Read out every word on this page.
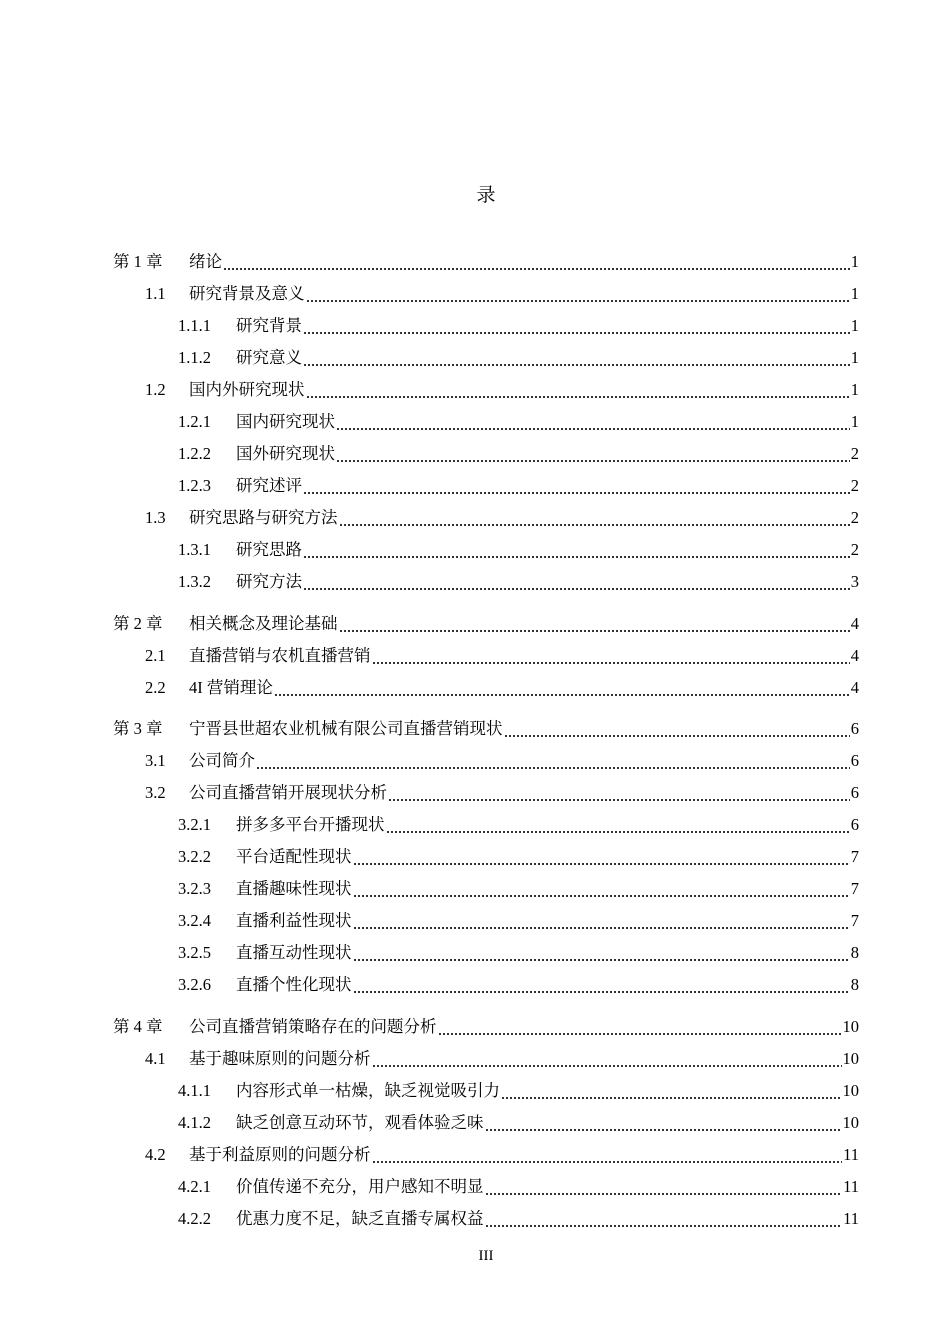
录
第 1 章	绪论	1
1.1	研究背景及意义	1
1.1.1	研究背景	1
1.1.2	研究意义	1
1.2	国内外研究现状	1
1.2.1	国内研究现状	1
1.2.2	国外研究现状	2
1.2.3	研究述评	2
1.3	研究思路与研究方法	2
1.3.1	研究思路	2
1.3.2	研究方法	3
第 2 章	相关概念及理论基础	4
2.1	直播营销与农机直播营销	4
2.2	4I 营销理论	4
第 3 章	宁晋县世超农业机械有限公司直播营销现状	6
3.1	公司简介	6
3.2	公司直播营销开展现状分析	6
3.2.1	拼多多平台开播现状	6
3.2.2	平台适配性现状	7
3.2.3	直播趣味性现状	7
3.2.4	直播利益性现状	7
3.2.5	直播互动性现状	8
3.2.6	直播个性化现状	8
第 4 章	公司直播营销策略存在的问题分析	10
4.1	基于趣味原则的问题分析	10
4.1.1	内容形式单一枯燥，缺乏视觉吸引力	10
4.1.2	缺乏创意互动环节，观看体验乏味	10
4.2	基于利益原则的问题分析	11
4.2.1	价值传递不充分，用户感知不明显	11
4.2.2	优惠力度不足，缺乏直播专属权益	11
III
